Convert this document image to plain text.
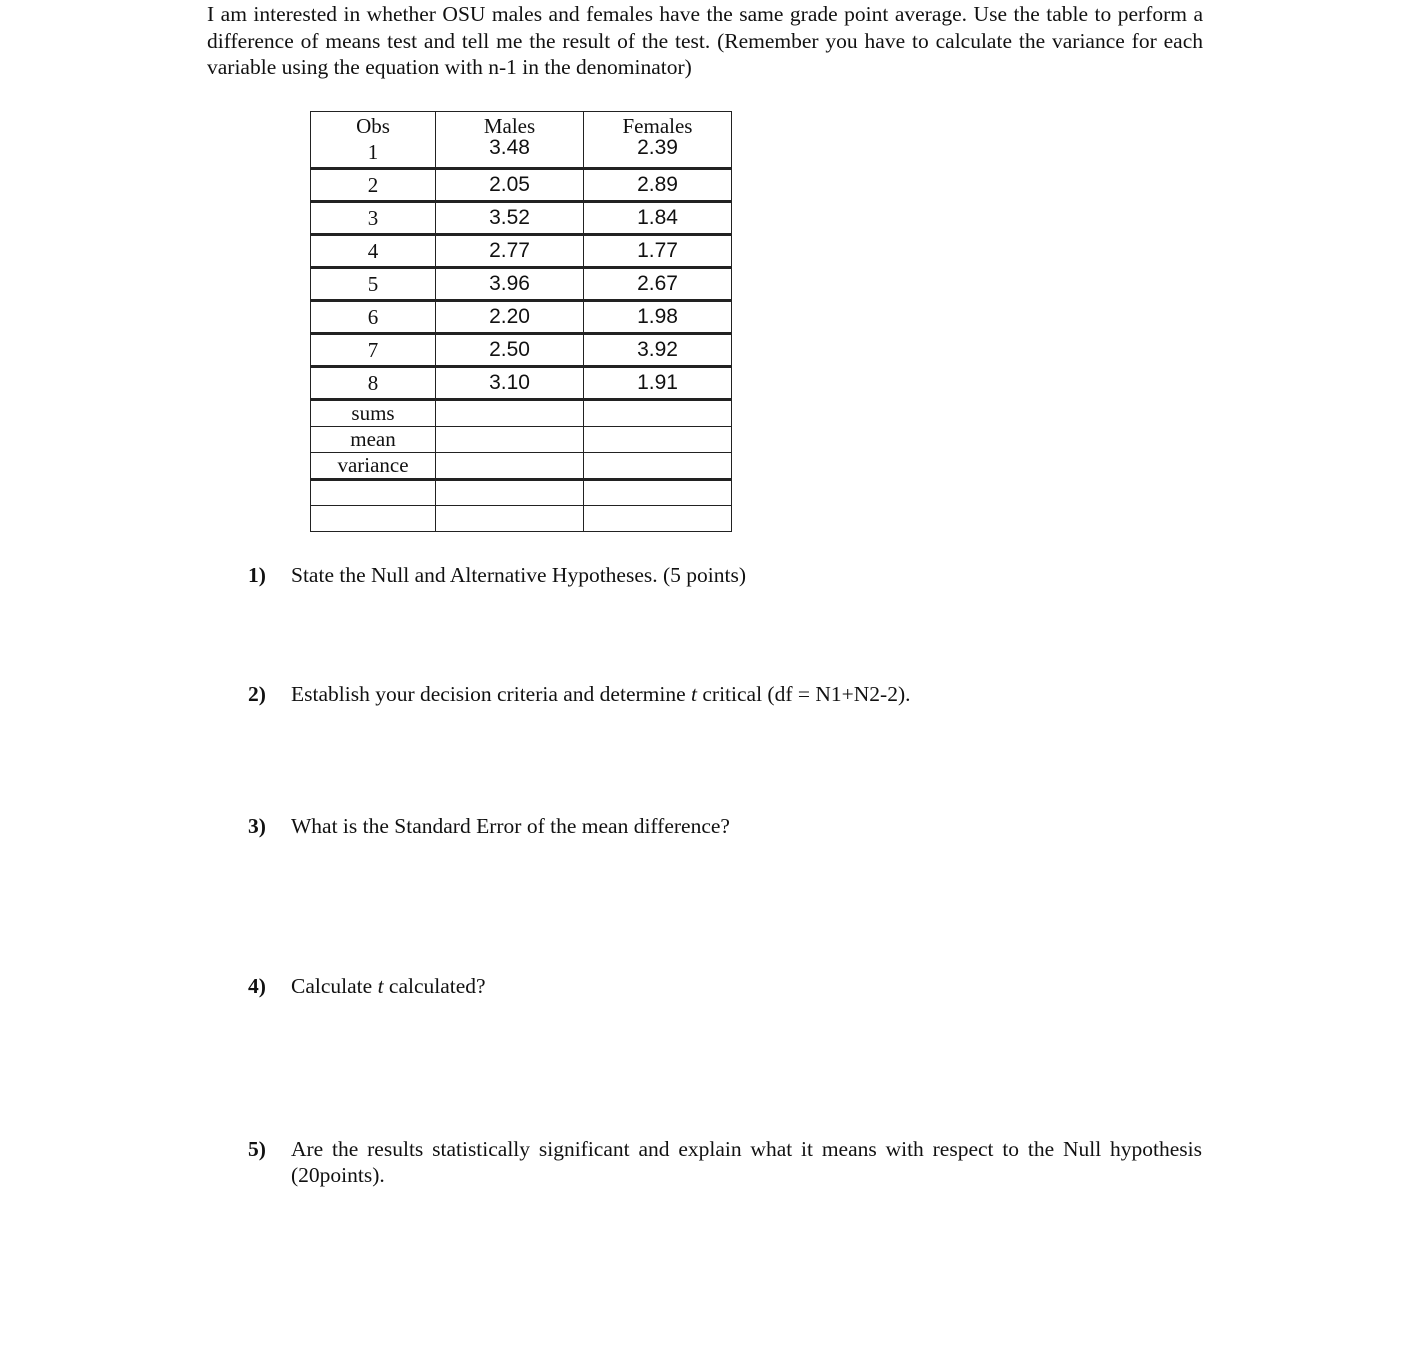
I am interested in whether OSU males and females have the same grade point average. Use the table to perform a difference of means test and tell me the result of the test. (Remember you have to calculate the variance for each variable using the equation with n-1 in the denominator)
Obs	Males	Females
1	3.48	2.39
2	2.05	2.89
3	3.52	1.84
4	2.77	1.77
5	3.96	2.67
6	2.20	1.98
7	2.50	3.92
8	3.10	1.91
sums		
mean		
variance		

1) State the Null and Alternative Hypotheses. (5 points)
2) Establish your decision criteria and determine t critical (df = N1+N2-2).
3) What is the Standard Error of the mean difference?
4) Calculate t calculated?
5) Are the results statistically significant and explain what it means with respect to the Null hypothesis (20points).
